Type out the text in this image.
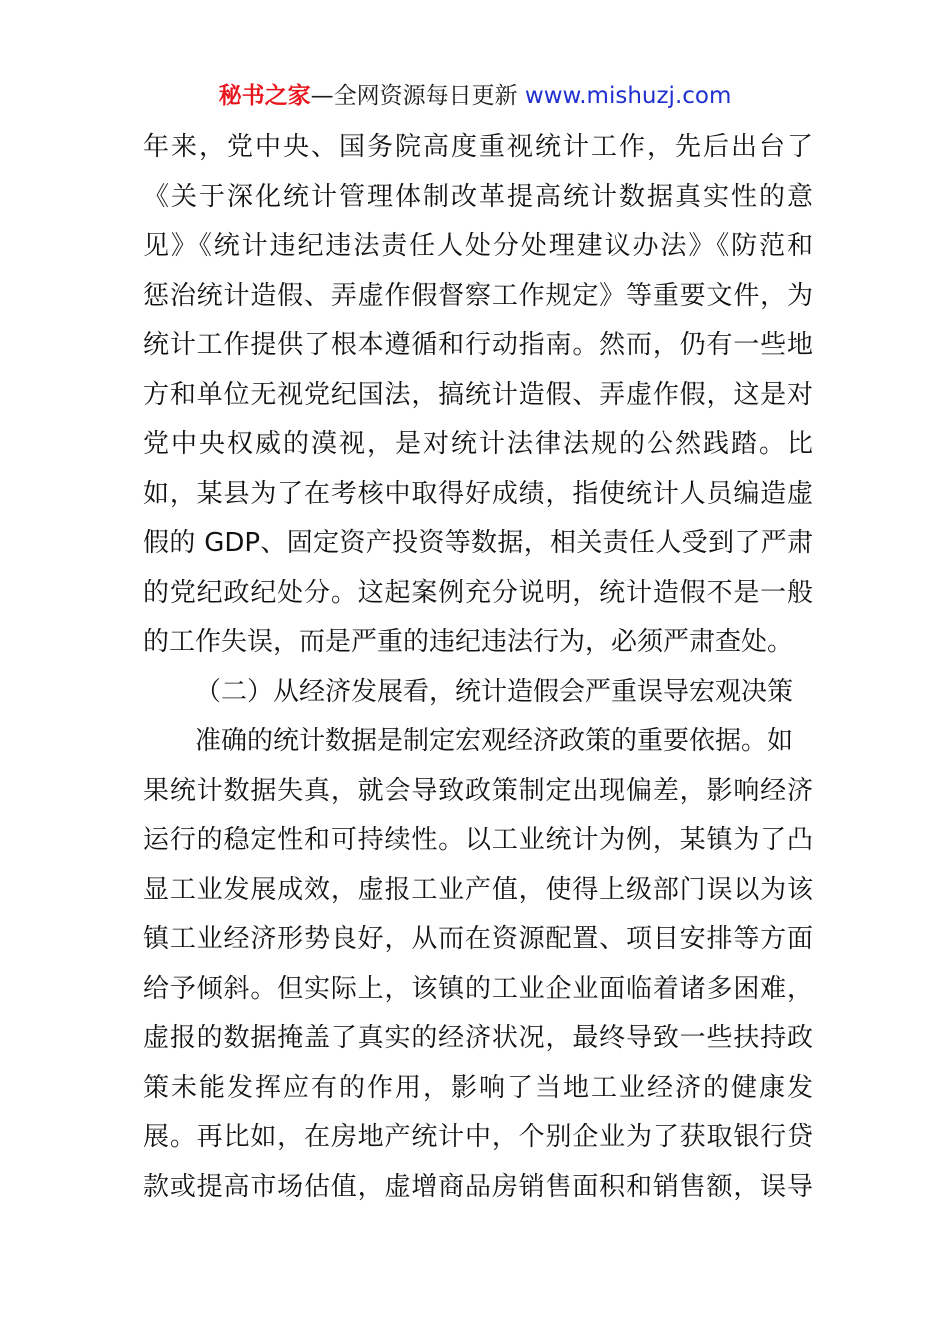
秘书之家—全网资源每日更新 www.mishuzj.com
年来，党中央、国务院高度重视统计工作，先后出台了
《关于深化统计管理体制改革提高统计数据真实性的意
见》《统计违纪违法责任人处分处理建议办法》《防范和
惩治统计造假、弄虚作假督察工作规定》等重要文件，为
统计工作提供了根本遵循和行动指南。然而，仍有一些地
方和单位无视党纪国法，搞统计造假、弄虚作假，这是对
党中央权威的漠视，是对统计法律法规的公然践踏。比
如，某县为了在考核中取得好成绩，指使统计人员编造虚
假的 GDP、固定资产投资等数据，相关责任人受到了严肃
的党纪政纪处分。这起案例充分说明，统计造假不是一般
的工作失误，而是严重的违纪违法行为，必须严肃查处。
（二）从经济发展看，统计造假会严重误导宏观决策
准确的统计数据是制定宏观经济政策的重要依据。如
果统计数据失真，就会导致政策制定出现偏差，影响经济
运行的稳定性和可持续性。以工业统计为例，某镇为了凸
显工业发展成效，虚报工业产值，使得上级部门误以为该
镇工业经济形势良好，从而在资源配置、项目安排等方面
给予倾斜。但实际上，该镇的工业企业面临着诸多困难，
虚报的数据掩盖了真实的经济状况，最终导致一些扶持政
策未能发挥应有的作用，影响了当地工业经济的健康发
展。再比如，在房地产统计中，个别企业为了获取银行贷
款或提高市场估值，虚增商品房销售面积和销售额，误导
